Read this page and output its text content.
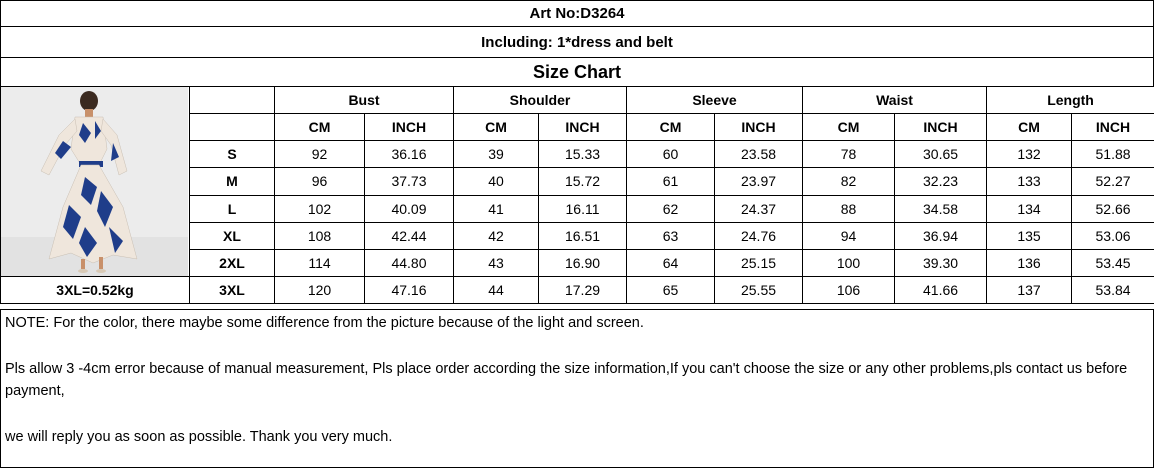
Art No:D3264
Including: 1*dress and belt
Size Chart
		Bust		Shoulder		Sleeve		Waist		Length	
		CM	INCH	CM	INCH	CM	INCH	CM	INCH	CM	INCH
	S	92	36.16	39	15.33	60	23.58	78	30.65	132	51.88
	M	96	37.73	40	15.72	61	23.97	82	32.23	133	52.27
	L	102	40.09	41	16.11	62	24.37	88	34.58	134	52.66
	XL	108	42.44	42	16.51	63	24.76	94	36.94	135	53.06
	2XL	114	44.80	43	16.90	64	25.15	100	39.30	136	53.45
3XL=0.52kg	3XL	120	47.16	44	17.29	65	25.55	106	41.66	137	53.84

NOTE: For the color, there maybe some difference from the picture because of the light and screen.

Pls allow 3 -4cm error because of manual measurement, Pls place order according the size information,If you can't choose the size or any other problems,pls contact us before payment,

we will reply you as soon as possible. Thank you very much.
